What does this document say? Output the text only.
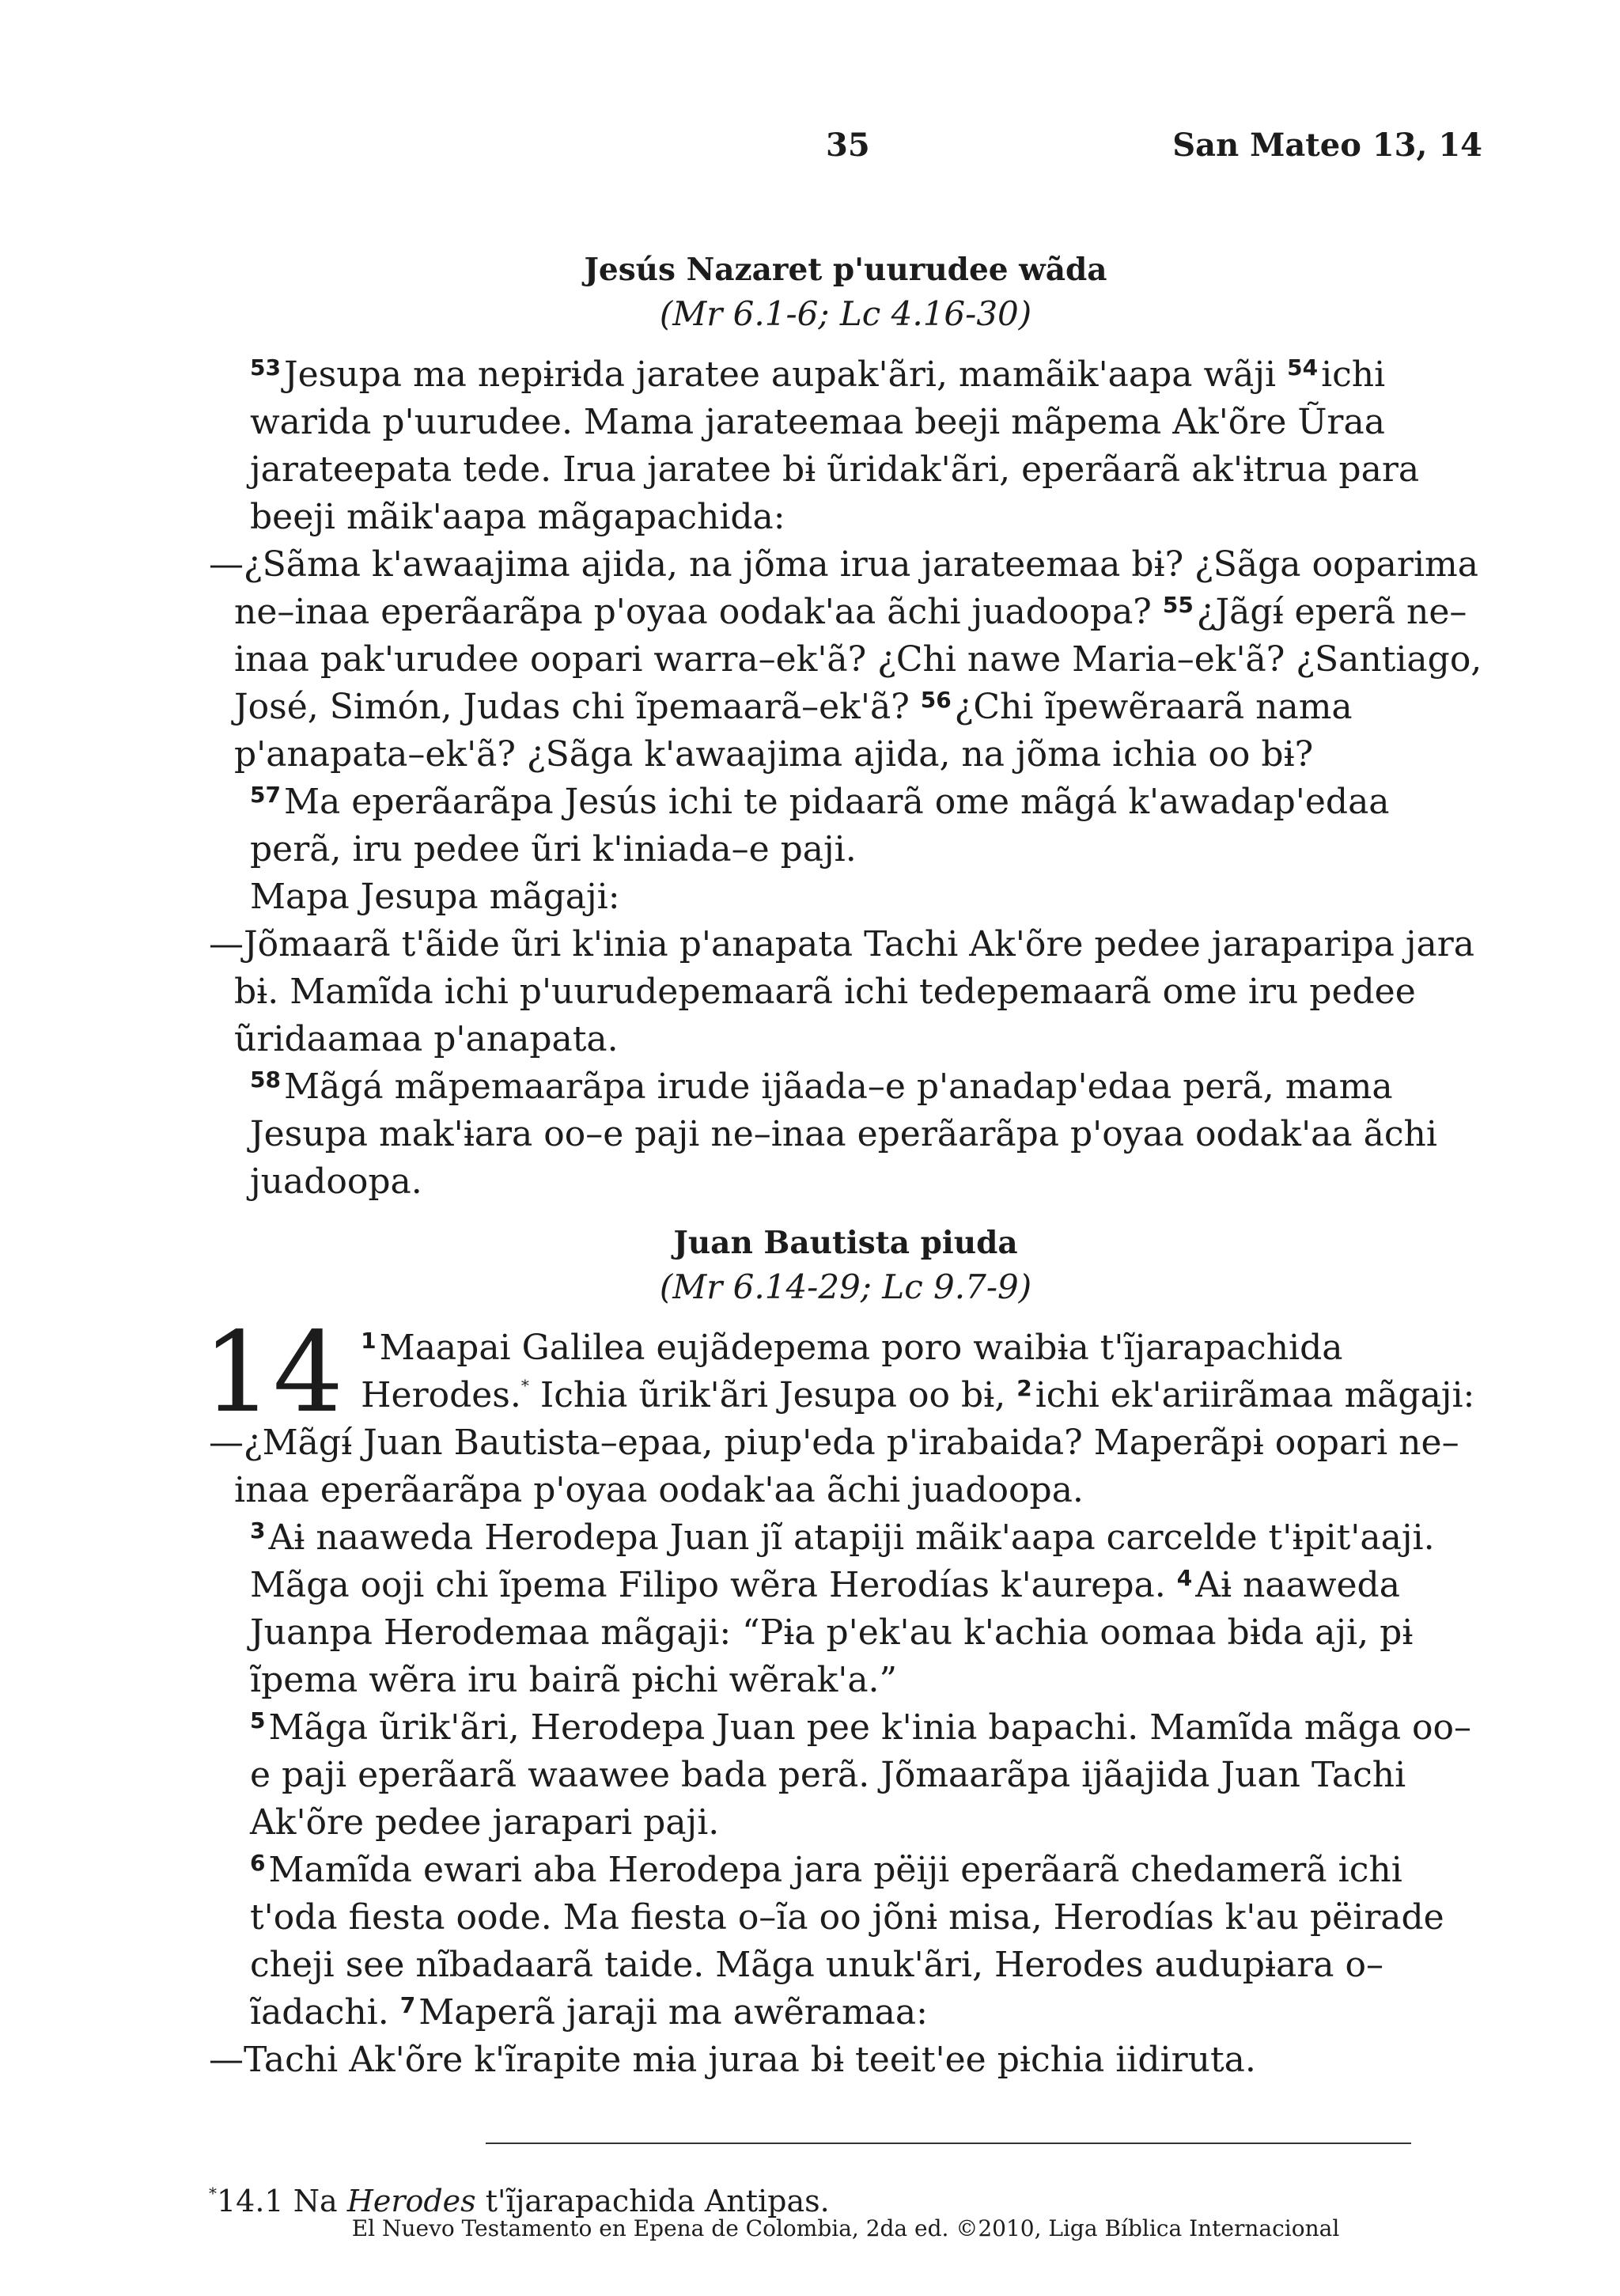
35	San Mateo 13, 14
Jesús Nazaret p'uurudee wãda
(Mr 6.1-6; Lc 4.16-30)

$^{53}$Jesupa ma nepɨrɨda jaratee aupak'ãri, mamãik'aapa wãji $^{54}$ichi warida p'uurudee. Mama jarateemaa beeji mãpema Ak'õre Ũraa jarateepata tede. Irua jaratee bɨ ũridak'ãri, eperãarã ak'ɨtrua para beeji mãik'aapa mãgapachida:

—¿Sãma k'awaajima ajida, na jõma irua jarateemaa bɨ? ¿Sãga ooparima ne–inaa eperãarãpa p'oyaa oodak'aa ãchi juadoopa? $^{55}$¿Jãgɨ́ eperã ne–inaa pak'urudee oopari warra–ek'ã? ¿Chi nawe Maria–ek'ã? ¿Santiago, José, Simón, Judas chi ĩpemaarã–ek'ã? $^{56}$¿Chi ĩpewẽraarã nama p'anapata–ek'ã? ¿Sãga k'awaajima ajida, na jõma ichia oo bɨ?

$^{57}$Ma eperãarãpa Jesús ichi te pidaarã ome mãgá k'awadap'edaa perã, iru pedee ũri k'iniada–e paji.

Mapa Jesupa mãgaji:

—Jõmaarã t'ãide ũri k'inia p'anapata Tachi Ak'õre pedee jaraparipa jara bɨ. Mamĩda ichi p'uurudepemaarã ichi tedepemaarã ome iru pedee ũridaamaa p'anapata.

$^{58}$Mãgá mãpemaarãpa irude ijãada–e p'anadap'edaa perã, mama Jesupa mak'ɨara oo–e paji ne–inaa eperãarãpa p'oyaa oodak'aa ãchi juadoopa.

Juan Bautista piuda
(Mr 6.14-29; Lc 9.7-9)

14 $^1$Maapai Galilea eujãdepema poro waibɨa t'ĩjarapachida Herodes.* Ichia ũrik'ãri Jesupa oo bɨ, $^2$ichi ek'ariirãmaa mãgaji:

—¿Mãgɨ́ Juan Bautista–epaa, piup'eda p'irabaida? Maperãpɨ oopari ne–inaa eperãarãpa p'oyaa oodak'aa ãchi juadoopa.

$^3$Aɨ naaweda Herodepa Juan jĩ atapiji mãik'aapa carcelde t'ɨpit'aaji. Mãga ooji chi ĩpema Filipo wẽra Herodías k'aurepa. $^4$Aɨ naaweda Juanpa Herodemaa mãgaji: “Pɨa p'ek'au k'achia oomaa bɨda aji, pɨ ĩpema wẽra iru bairã pɨchi wẽrak'a.”

$^5$Mãga ũrik'ãri, Herodepa Juan pee k'inia bapachi. Mamĩda mãga oo–e paji eperãarã waawee bada perã. Jõmaarãpa ijãajida Juan Tachi Ak'õre pedee jarapari paji.

$^6$Mamĩda ewari aba Herodepa jara pëiji eperãarã chedamerã ichi t'oda fiesta oode. Ma fiesta o–ĩa oo jõnɨ misa, Herodías k'au pëirade cheji see nĩbadaarã taide. Mãga unuk'ãri, Herodes audupɨara o–ĩadachi. $^7$Maperã jaraji ma awẽramaa:

—Tachi Ak'õre k'ĩrapite mɨa juraa bɨ teeit'ee pɨchia iidiruta.

*14.1 Na Herodes t'ĩjarapachida Antipas.
El Nuevo Testamento en Epena de Colombia, 2da ed. ©2010, Liga Bíblica Internacional
